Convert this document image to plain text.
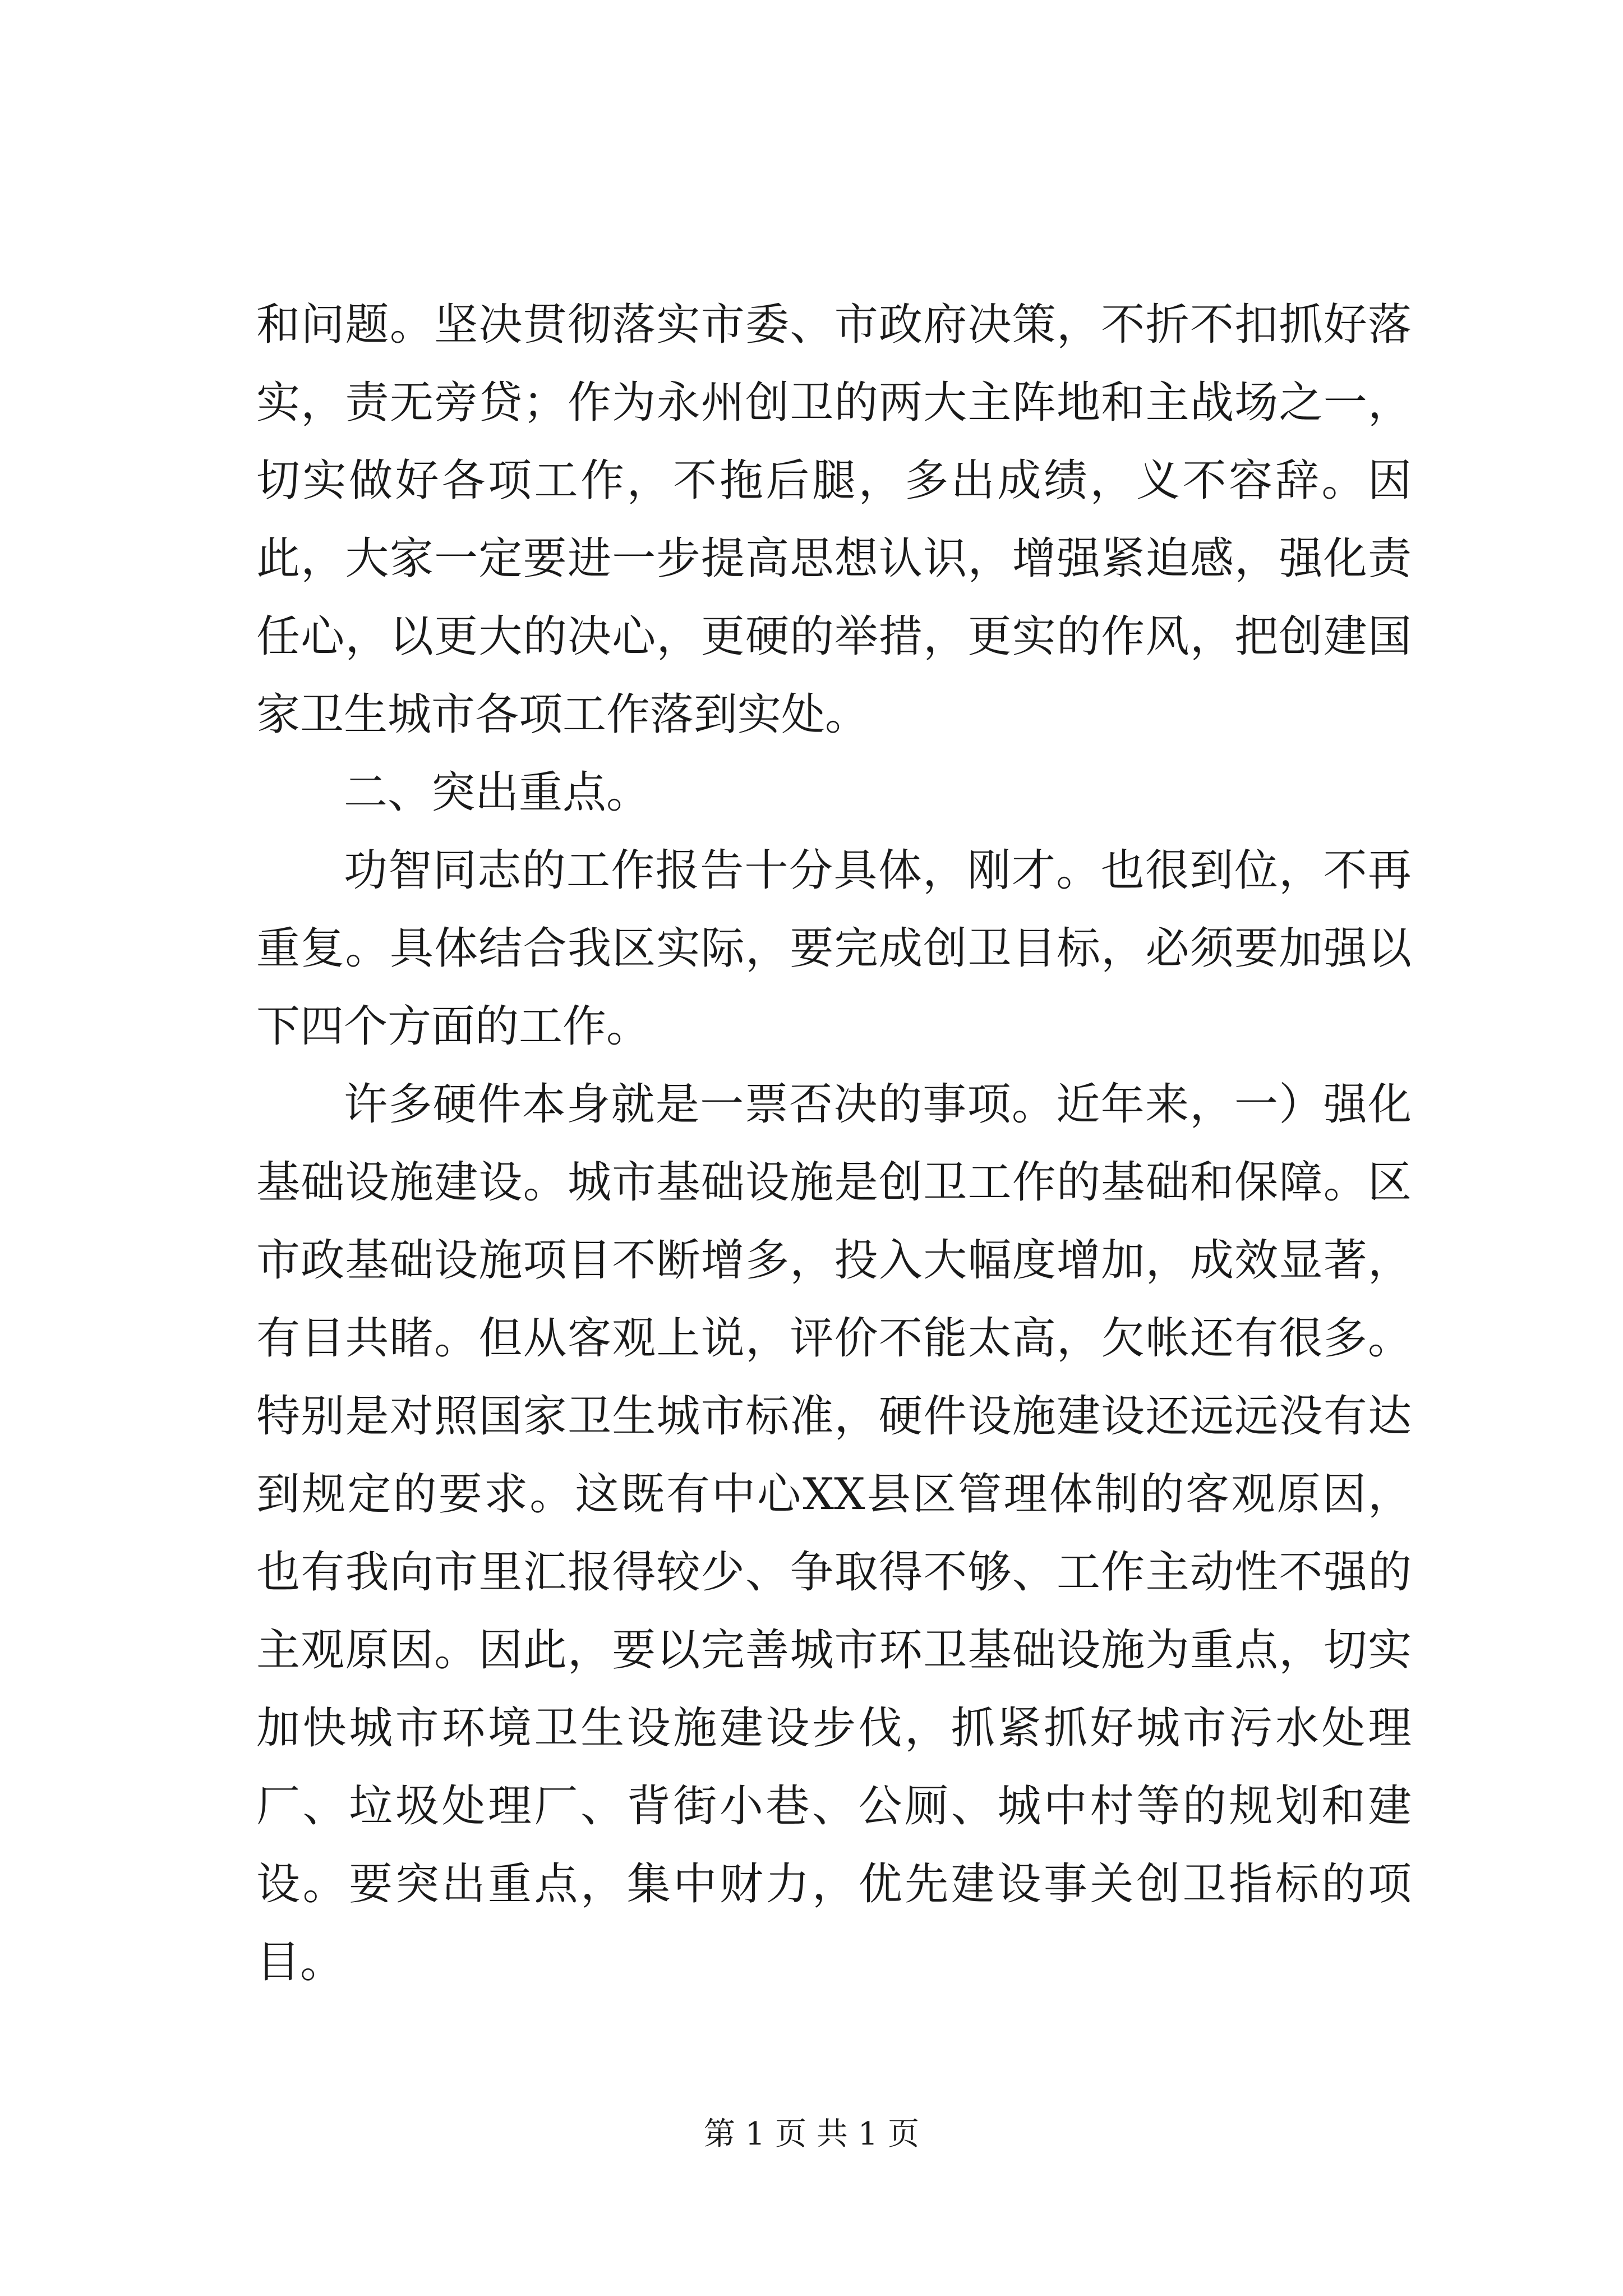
和问题。坚决贯彻落实市委、市政府决策，不折不扣抓好落实，责无旁贷；作为永州创卫的两大主阵地和主战场之一，切实做好各项工作，不拖后腿，多出成绩，义不容辞。因此，大家一定要进一步提高思想认识，增强紧迫感，强化责任心，以更大的决心，更硬的举措，更实的作风，把创建国家卫生城市各项工作落到实处。

二、突出重点。

功智同志的工作报告十分具体，刚才。也很到位，不再重复。具体结合我区实际，要完成创卫目标，必须要加强以下四个方面的工作。

许多硬件本身就是一票否决的事项。近年来，一）强化基础设施建设。城市基础设施是创卫工作的基础和保障。区市政基础设施项目不断增多，投入大幅度增加，成效显著，有目共睹。但从客观上说，评价不能太高，欠帐还有很多。特别是对照国家卫生城市标准，硬件设施建设还远远没有达到规定的要求。这既有中心XX县区管理体制的客观原因，也有我向市里汇报得较少、争取得不够、工作主动性不强的主观原因。因此，要以完善城市环卫基础设施为重点，切实加快城市环境卫生设施建设步伐，抓紧抓好城市污水处理厂、垃圾处理厂、背街小巷、公厕、城中村等的规划和建设。要突出重点，集中财力，优先建设事关创卫指标的项目。

第 1 页 共 1 页
